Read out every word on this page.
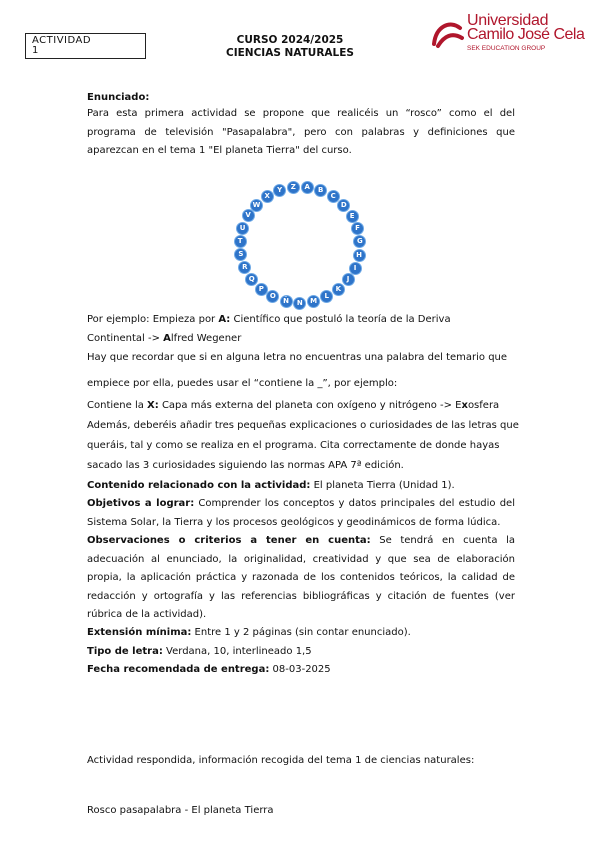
ACTIVIDAD
1
CURSO 2024/2025
CIENCIAS NATURALES
Universidad
Camilo José Cela
SEK EDUCATION GROUP
Enunciado:
Para esta primera actividad se propone que realicéis un “rosco” como el del programa de televisión "Pasapalabra", pero con palabras y definiciones que aparezcan en el tema 1 "El planeta Tierra" del curso.
A	B
C
D
E
F
G
H
I
J
K
L
M
N
Ñ
O
P
Q
R
S
T
U
V
W
X
Y	Z
Por ejemplo: Empieza por A: Científico que postuló la teoría de la Deriva
Continental -> Alfred Wegener
Hay que recordar que si en alguna letra no encuentras una palabra del temario que
empiece por ella, puedes usar el “contiene la _”, por ejemplo:
Contiene la X: Capa más externa del planeta con oxígeno y nitrógeno -> Exosfera
Además, deberéis añadir tres pequeñas explicaciones o curiosidades de las letras que
queráis, tal y como se realiza en el programa. Cita correctamente de donde hayas
sacado las 3 curiosidades siguiendo las normas APA 7ª edición.
Contenido relacionado con la actividad: El planeta Tierra (Unidad 1).
Objetivos a lograr: Comprender los conceptos y datos principales del estudio del Sistema Solar, la Tierra y los procesos geológicos y geodinámicos de forma lúdica.
Observaciones o criterios a tener en cuenta: Se tendrá en cuenta la adecuación al enunciado, la originalidad, creatividad y que sea de elaboración propia, la aplicación práctica y razonada de los contenidos teóricos, la calidad de redacción y ortografía y las referencias bibliográficas y citación de fuentes (ver rúbrica de la actividad).
Extensión mínima: Entre 1 y 2 páginas (sin contar enunciado).
Tipo de letra: Verdana, 10, interlineado 1,5
Fecha recomendada de entrega: 08-03-2025
Actividad respondida, información recogida del tema 1 de ciencias naturales:
Rosco pasapalabra - El planeta Tierra
